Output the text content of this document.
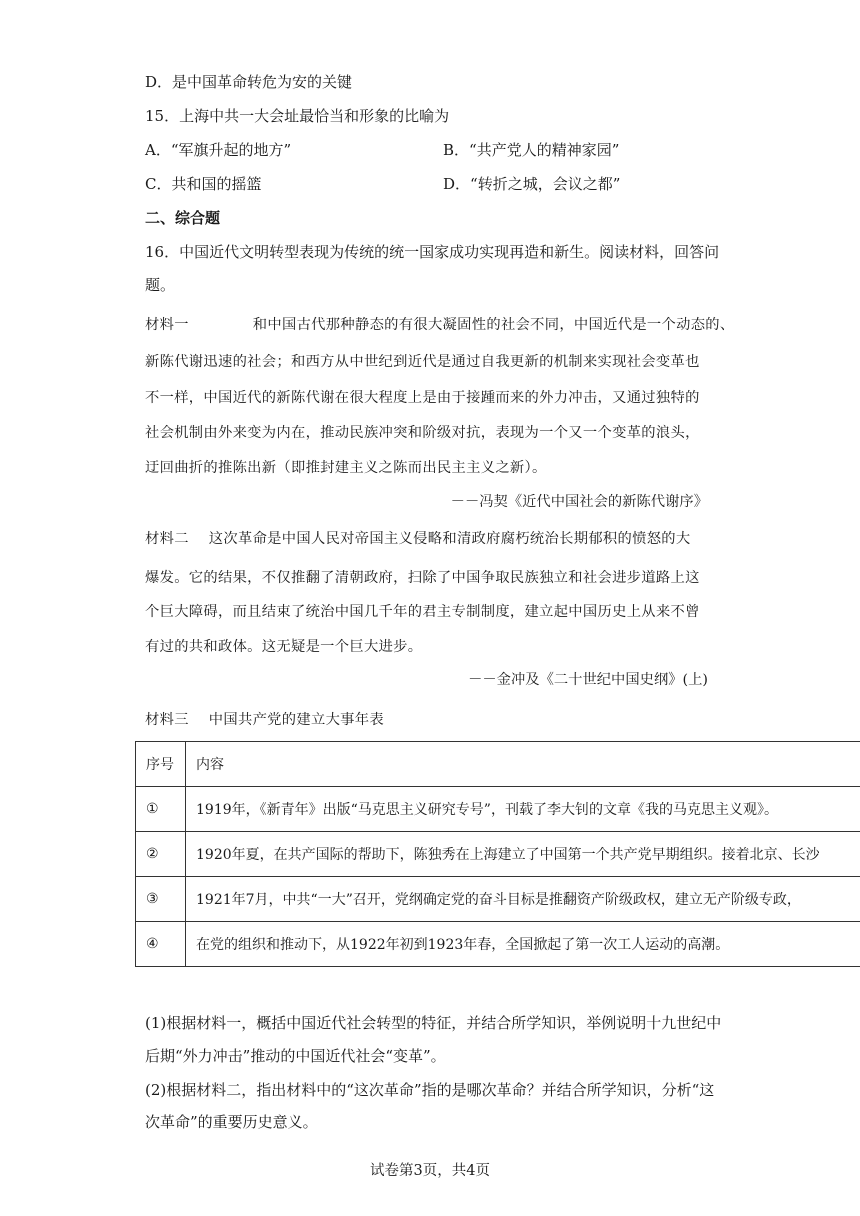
D．是中国革命转危为安的关键
15．上海中共一大会址最恰当和形象的比喻为
A．“军旗升起的地方”	B．“共产党人的精神家园”
C．共和国的摇篮	D．“转折之城，会议之都”
二、综合题
16．中国近代文明转型表现为传统的统一国家成功实现再造和新生。阅读材料，回答问
题。
材料一	和中国古代那种静态的有很大凝固性的社会不同，中国近代是一个动态的、
新陈代谢迅速的社会；和西方从中世纪到近代是通过自我更新的机制来实现社会变革也
不一样，中国近代的新陈代谢在很大程度上是由于接踵而来的外力冲击，又通过独特的
社会机制由外来变为内在，推动民族冲突和阶级对抗，表现为一个又一个变革的浪头，
迂回曲折的推陈出新（即推封建主义之陈而出民主主义之新）。
－－冯契《近代中国社会的新陈代谢序》
材料二 这次革命是中国人民对帝国主义侵略和清政府腐朽统治长期郁积的愤怒的大
爆发。它的结果，不仅推翻了清朝政府，扫除了中国争取民族独立和社会进步道路上这
个巨大障碍，而且结束了统治中国几千年的君主专制制度，建立起中国历史上从来不曾
有过的共和政体。这无疑是一个巨大进步。
－－金冲及《二十世纪中国史纲》(上)
材料三 中国共产党的建立大事年表
序号	内容
①	1919年，《新青年》出版“马克思主义研究专号”，刊载了李大钊的文章《我的马克思主义观》。
②	1920年夏，在共产国际的帮助下，陈独秀在上海建立了中国第一个共产党早期组织。接着北京、长沙
③	1921年7月，中共“一大”召开，党纲确定党的奋斗目标是推翻资产阶级政权，建立无产阶级专政，
④	在党的组织和推动下，从1922年初到1923年春，全国掀起了第一次工人运动的高潮。
(1)根据材料一，概括中国近代社会转型的特征，并结合所学知识，举例说明十九世纪中
后期“外力冲击”推动的中国近代社会“变革”。
(2)根据材料二，指出材料中的“这次革命”指的是哪次革命？并结合所学知识，分析“这
次革命”的重要历史意义。
试卷第3页，共4页
